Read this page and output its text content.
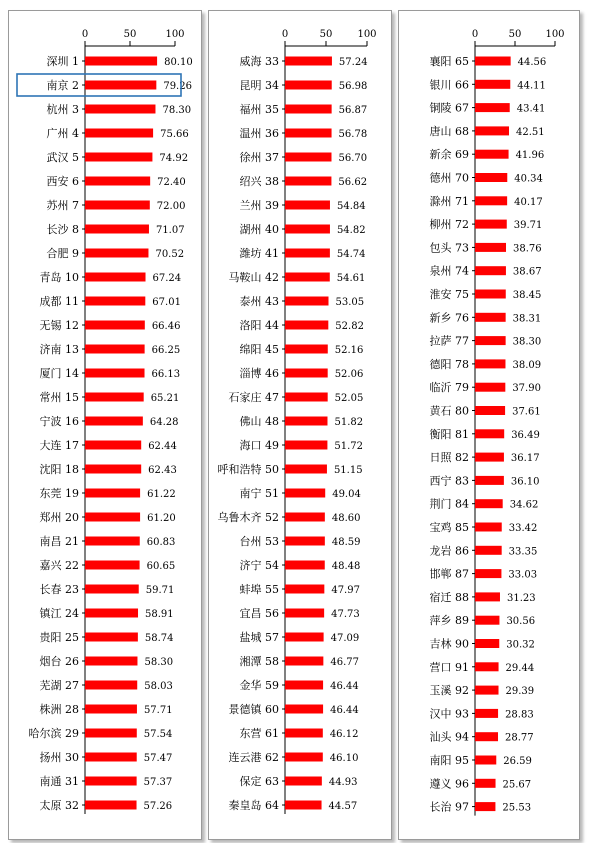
0	50	100
深圳 1	80.10
南京 2	79.26
杭州 3	78.30
广州 4	75.66
武汉 5	74.92
西安 6	72.40
苏州 7	72.00
长沙 8	71.07
合肥 9	70.52
青岛 10	67.24
成都 11	67.01
无锡 12	66.46
济南 13	66.25
厦门 14	66.13
常州 15	65.21
宁波 16	64.28
大连 17	62.44
沈阳 18	62.43
东莞 19	61.22
郑州 20	61.20
南昌 21	60.83
嘉兴 22	60.65
长春 23	59.71
镇江 24	58.91
贵阳 25	58.74
烟台 26	58.30
芜湖 27	58.03
株洲 28	57.71
哈尔滨 29	57.54
扬州 30	57.47
南通 31	57.37
太原 32	57.26
0	50	100
威海 33	57.24
昆明 34	56.98
福州 35	56.87
温州 36	56.78
徐州 37	56.70
绍兴 38	56.62
兰州 39	54.84
湖州 40	54.82
潍坊 41	54.74
马鞍山 42	54.61
泰州 43	53.05
洛阳 44	52.82
绵阳 45	52.16
淄博 46	52.06
石家庄 47	52.05
佛山 48	51.82
海口 49	51.72
呼和浩特 50	51.15
南宁 51	49.04
乌鲁木齐 52	48.60
台州 53	48.59
济宁 54	48.48
蚌埠 55	47.97
宜昌 56	47.73
盐城 57	47.09
湘潭 58	46.77
金华 59	46.44
景德镇 60	46.44
东营 61	46.12
连云港 62	46.10
保定 63	44.93
秦皇岛 64	44.57
0	50 100
襄阳 65	44.56
银川 66	44.11
铜陵 67	43.41
唐山 68	42.51
新余 69	41.96
德州 70	40.34
滁州 71	40.17
柳州 72	39.71
包头 73	38.76
泉州 74	38.67
淮安 75	38.45
新乡 76	38.31
拉萨 77	38.30
德阳 78	38.09
临沂 79	37.90
黄石 80	37.61
衡阳 81	36.49
日照 82	36.17
西宁 83	36.10
荆门 84	34.62
宝鸡 85	33.42
龙岩 86	33.35
邯郸 87	33.03
宿迁 88	31.23
萍乡 89	30.56
吉林 90	30.32
营口 91	29.44
玉溪 92	29.39
汉中 93	28.83
汕头 94	28.77
南阳 95	26.59
遵义 96	25.67
长治 97	25.53
